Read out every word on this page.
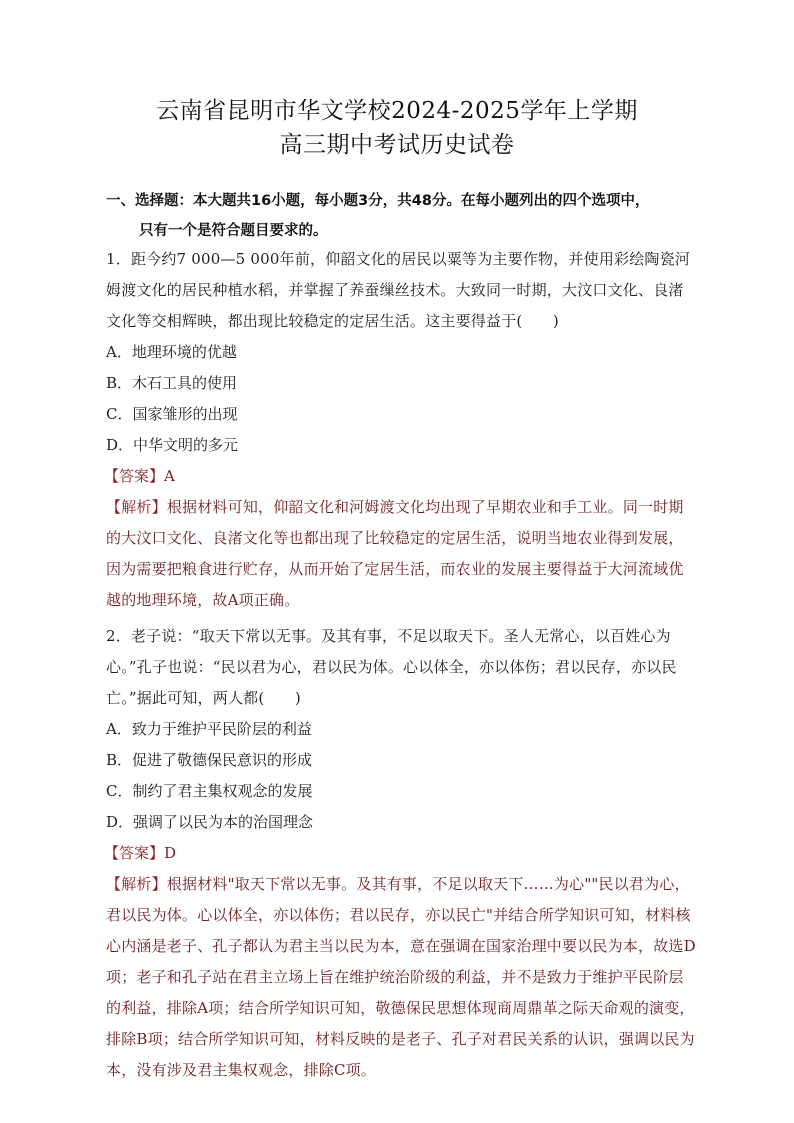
云南省昆明市华文学校2024-2025学年上学期
高三期中考试历史试卷
一、选择题：本大题共16小题，每小题3分，共48分。在每小题列出的四个选项中，
只有一个是符合题目要求的。

1．距今约7 000—5 000年前，仰韶文化的居民以粟等为主要作物，并使用彩绘陶瓷河姆渡文化的居民种植水稻，并掌握了养蚕缫丝技术。大致同一时期，大汶口文化、良渚文化等交相辉映，都出现比较稳定的定居生活。这主要得益于(　　)

A．地理环境的优越

B．木石工具的使用

C．国家雏形的出现

D．中华文明的多元

【答案】A

【解析】根据材料可知，仰韶文化和河姆渡文化均出现了早期农业和手工业。同一时期的大汶口文化、良渚文化等也都出现了比较稳定的定居生活，说明当地农业得到发展，因为需要把粮食进行贮存，从而开始了定居生活，而农业的发展主要得益于大河流域优越的地理环境，故A项正确。

2．老子说：“取天下常以无事。及其有事，不足以取天下。圣人无常心，以百姓心为心。”孔子也说：“民以君为心，君以民为体。心以体全，亦以体伤；君以民存，亦以民亡。”据此可知，两人都(　　)

A．致力于维护平民阶层的利益

B．促进了敬德保民意识的形成

C．制约了君主集权观念的发展

D．强调了以民为本的治国理念

【答案】D

【解析】根据材料"取天下常以无事。及其有事，不足以取天下……为心""民以君为心，君以民为体。心以体全，亦以体伤；君以民存，亦以民亡"并结合所学知识可知，材料核心内涵是老子、孔子都认为君主当以民为本，意在强调在国家治理中要以民为本，故选D项；老子和孔子站在君主立场上旨在维护统治阶级的利益，并不是致力于维护平民阶层的利益，排除A项；结合所学知识可知，敬德保民思想体现商周鼎革之际天命观的演变，排除B项；结合所学知识可知，材料反映的是老子、孔子对君民关系的认识，强调以民为本，没有涉及君主集权观念，排除C项。
